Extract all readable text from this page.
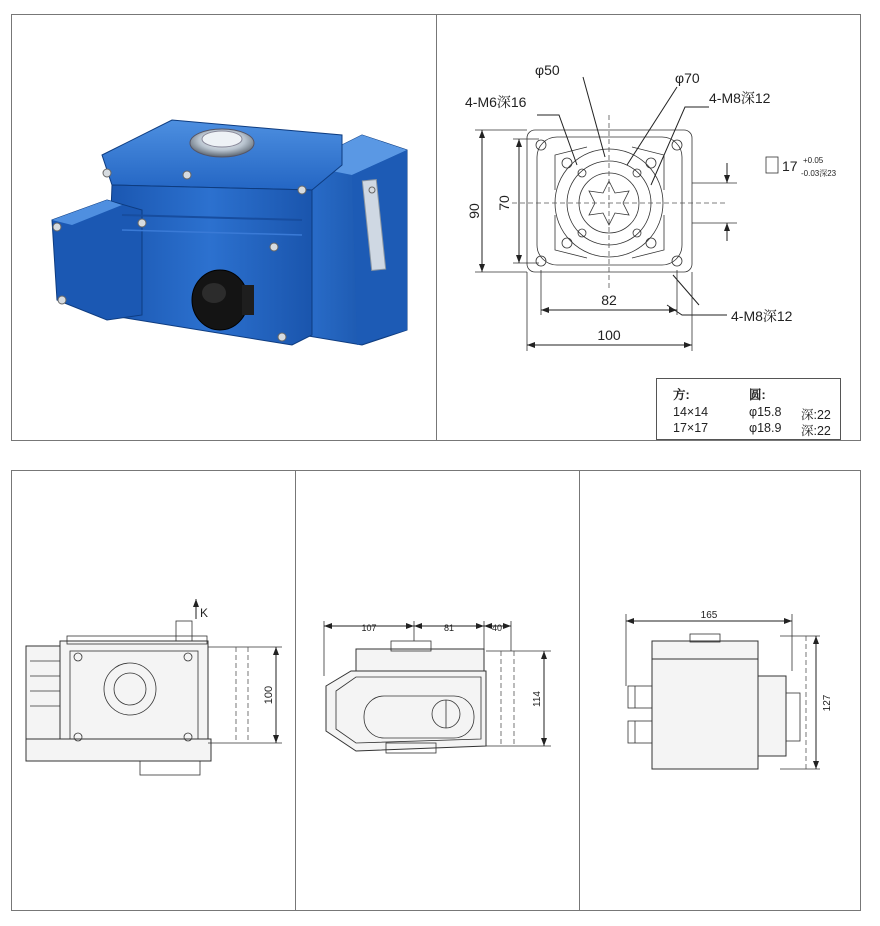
φ50	φ70
4-M6深16	4-M8深12
4-M8深12
90
70
82
100
17 +0.05
-0.03深23
方:	圆:
14×14	φ15.8 深:22
17×17	φ18.9 深:22
100
K
107	81	40
114
165
127
